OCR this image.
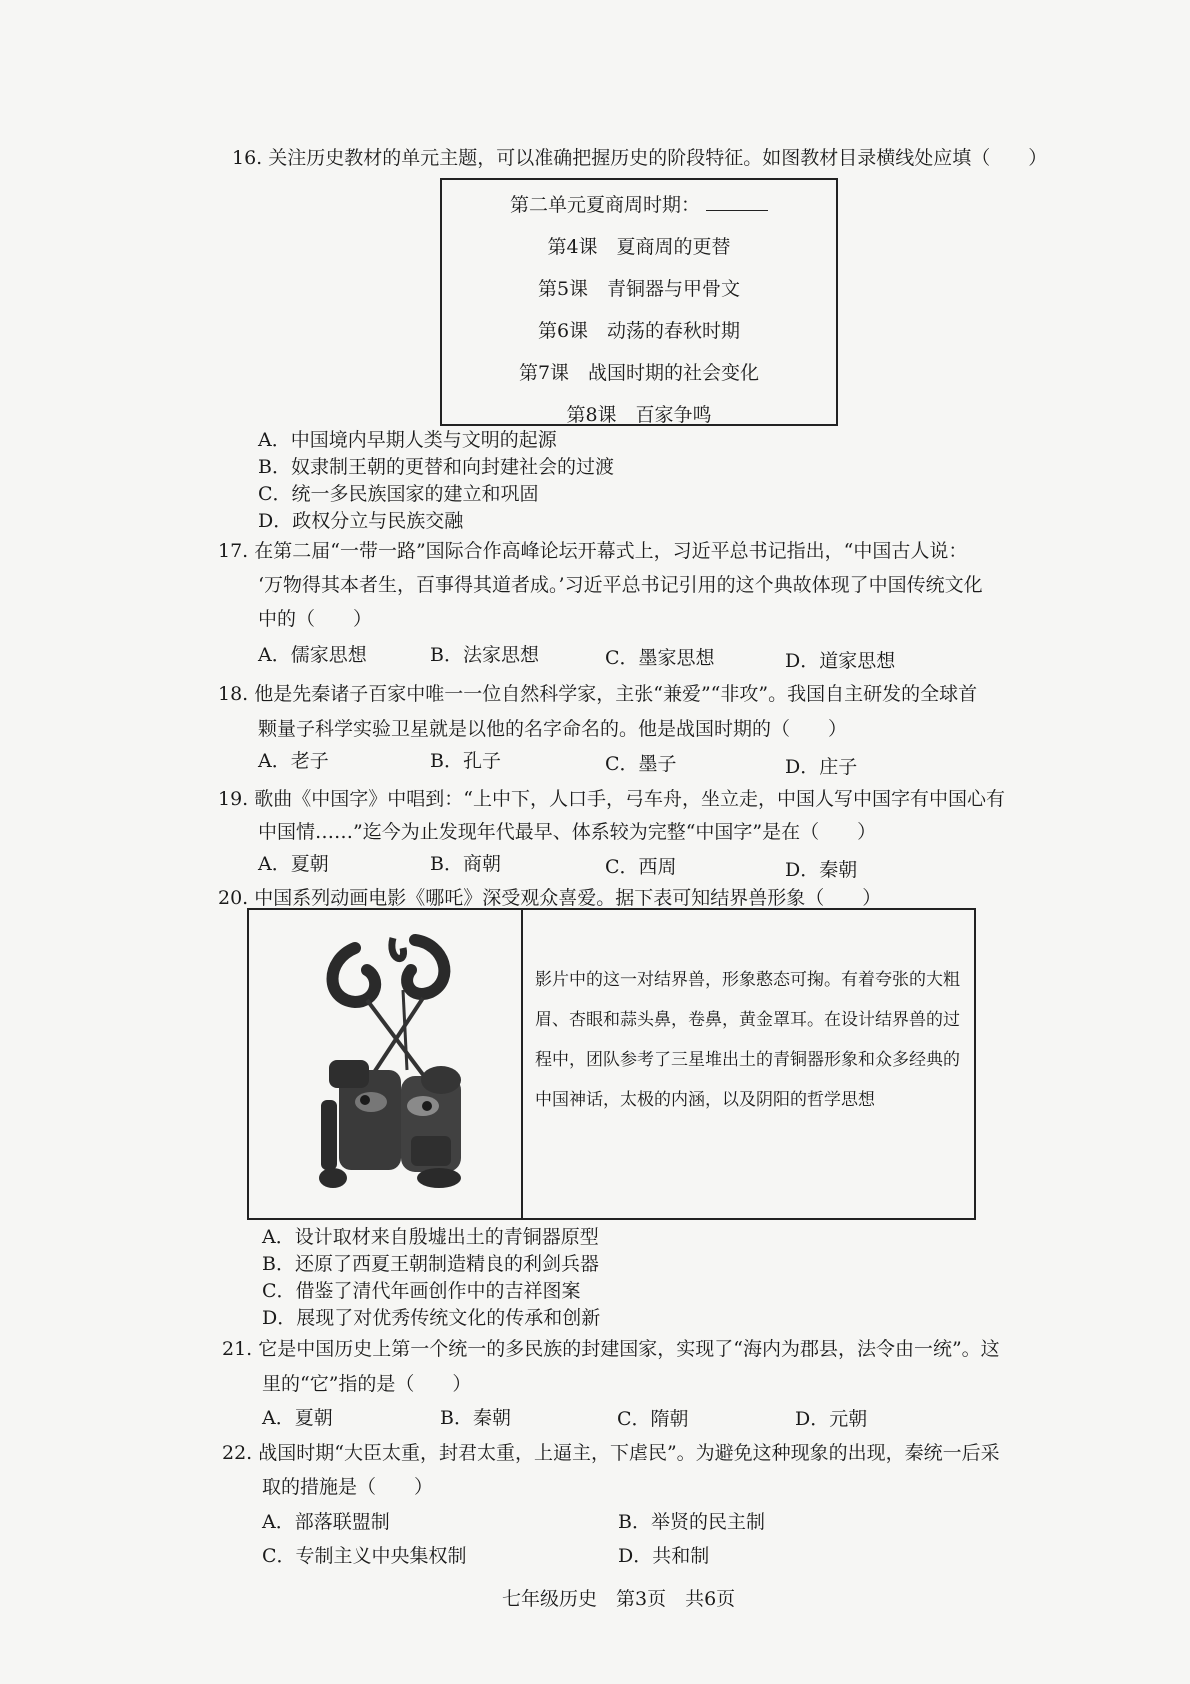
16. 关注历史教材的单元主题，可以准确把握历史的阶段特征。如图教材目录横线处应填（　　）
第二单元夏商周时期：
第4课　夏商周的更替
第5课　青铜器与甲骨文
第6课　动荡的春秋时期
第7课　战国时期的社会变化
第8课　百家争鸣
A．中国境内早期人类与文明的起源
B．奴隶制王朝的更替和向封建社会的过渡
C．统一多民族国家的建立和巩固
D．政权分立与民族交融
17. 在第二届“一带一路”国际合作高峰论坛开幕式上，习近平总书记指出，“中国古人说：
‘万物得其本者生，百事得其道者成。’习近平总书记引用的这个典故体现了中国传统文化
中的（　　）
A．儒家思想	B．法家思想	C．墨家思想	D．道家思想
18. 他是先秦诸子百家中唯一一位自然科学家，主张“兼爱”“非攻”。我国自主研发的全球首
颗量子科学实验卫星就是以他的名字命名的。他是战国时期的（　　）
A．老子	B．孔子	C．墨子	D．庄子
19. 歌曲《中国字》中唱到：“上中下，人口手，弓车舟，坐立走，中国人写中国字有中国心有
中国情……”迄今为止发现年代最早、体系较为完整“中国字”是在（　　）
A．夏朝	B．商朝	C．西周	D．秦朝
20. 中国系列动画电影《哪吒》深受观众喜爱。据下表可知结界兽形象（　　）
影片中的这一对结界兽，形象憨态可掬。有着夸张的大粗眉、杏眼和蒜头鼻，卷鼻，黄金罩耳。在设计结界兽的过程中，团队参考了三星堆出土的青铜器形象和众多经典的中国神话，太极的内涵，以及阴阳的哲学思想
A．设计取材来自殷墟出土的青铜器原型
B．还原了西夏王朝制造精良的利剑兵器
C．借鉴了清代年画创作中的吉祥图案
D．展现了对优秀传统文化的传承和创新
21. 它是中国历史上第一个统一的多民族的封建国家，实现了“海内为郡县，法令由一统”。这
里的“它”指的是（　　）
A．夏朝	B．秦朝	C．隋朝	D．元朝
22. 战国时期“大臣太重，封君太重，上逼主，下虐民”。为避免这种现象的出现，秦统一后采
取的措施是（　　）
A．部落联盟制	B．举贤的民主制
C．专制主义中央集权制	D．共和制
七年级历史　第3页　共6页
